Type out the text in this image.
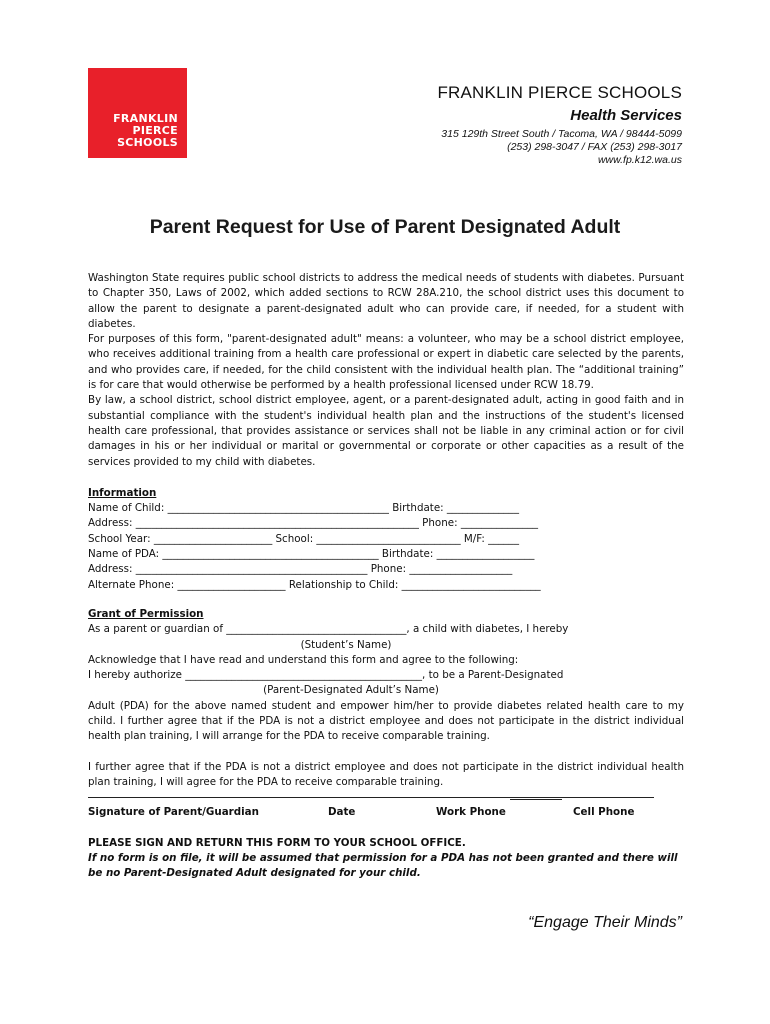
FRANKLIN
PIERCE
SCHOOLS
FRANKLIN PIERCE SCHOOLS
Health Services
315 129th Street South / Tacoma, WA / 98444-5099
(253) 298-3047 / FAX (253) 298-3017
www.fp.k12.wa.us
Parent Request for Use of Parent Designated Adult

Washington State requires public school districts to address the medical needs of students with diabetes. Pursuant to Chapter 350, Laws of 2002, which added sections to RCW 28A.210, the school district uses this document to allow the parent to designate a parent-designated adult who can provide care, if needed, for a student with diabetes.

For purposes of this form, "parent-designated adult" means: a volunteer, who may be a school district employee, who receives additional training from a health care professional or expert in diabetic care selected by the parents, and who provides care, if needed, for the child consistent with the individual health plan. The “additional training” is for care that would otherwise be performed by a health professional licensed under RCW 18.79.

By law, a school district, school district employee, agent, or a parent-designated adult, acting in good faith and in substantial compliance with the student's individual health plan and the instructions of the student's licensed health care professional, that provides assistance or services shall not be liable in any criminal action or for civil damages in his or her individual or marital or governmental or corporate or other capacities as a result of the services provided to my child with diabetes.

Information
Name of Child: ___________________________________________ Birthdate: ______________
Address: _______________________________________________________ Phone: _______________
School Year: _______________________ School: ____________________________ M/F: ______
Name of PDA: __________________________________________ Birthdate: ___________________
Address: _____________________________________________ Phone: ____________________
Alternate Phone: _____________________ Relationship to Child: ___________________________
Grant of Permission
As a parent or guardian of ___________________________________, a child with diabetes, I hereby
(Student’s Name)
Acknowledge that I have read and understand this form and agree to the following:
I hereby authorize ______________________________________________, to be a Parent-Designated
(Parent-Designated Adult’s Name)

Adult (PDA) for the above named student and empower him/her to provide diabetes related health care to my child. I further agree that if the PDA is not a district employee and does not participate in the district individual health plan training, I will arrange for the PDA to receive comparable training.

I further agree that if the PDA is not a district employee and does not participate in the district individual health plan training, I will agree for the PDA to receive comparable training.

Signature of Parent/Guardian	Date	Work Phone	Cell Phone
PLEASE SIGN AND RETURN THIS FORM TO YOUR SCHOOL OFFICE.
If no form is on file, it will be assumed that permission for a PDA has not been granted and there will be no Parent-Designated Adult designated for your child.
“Engage Their Minds”
